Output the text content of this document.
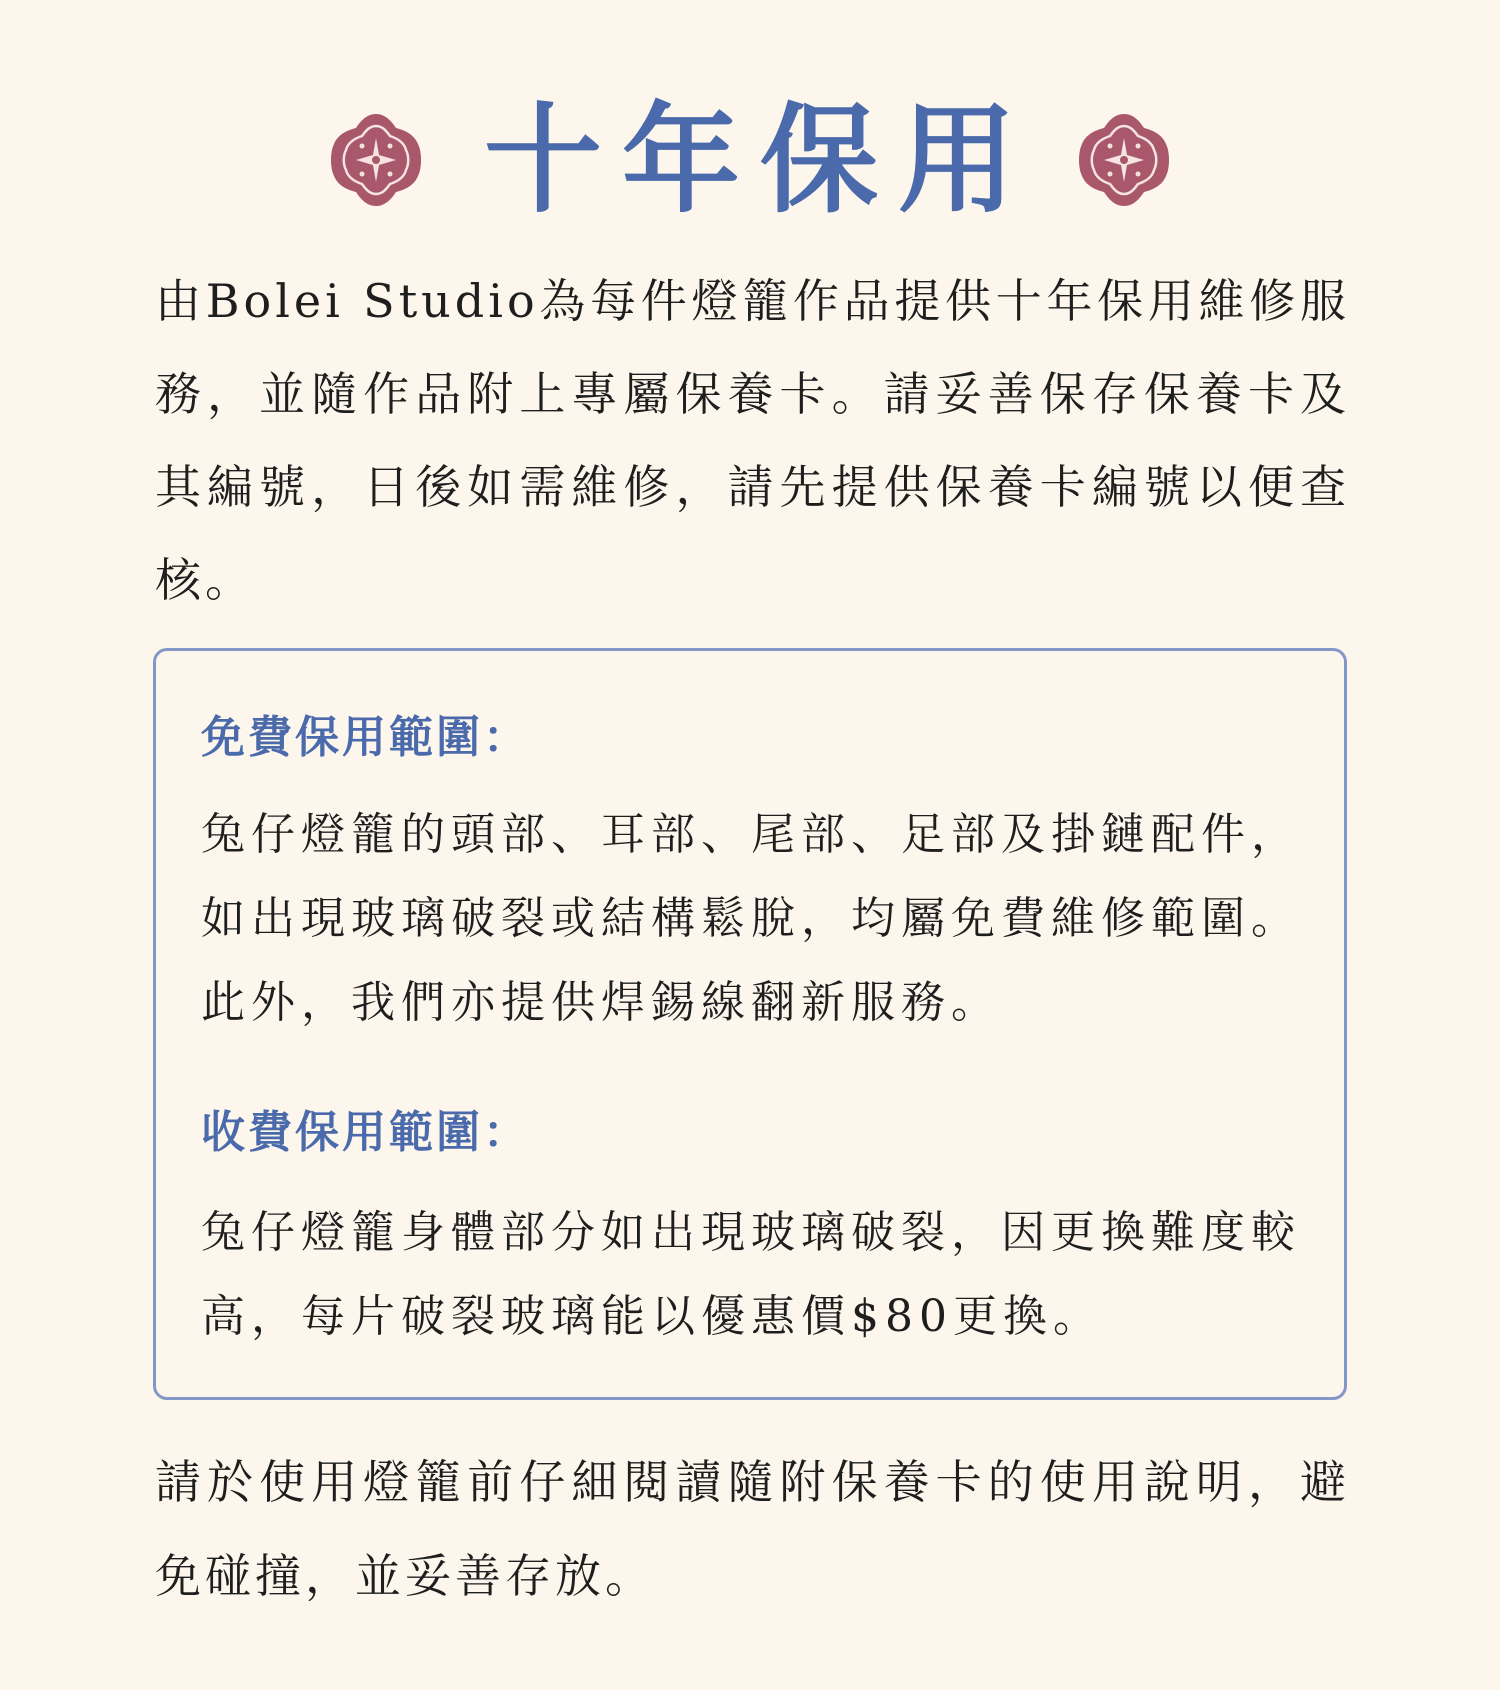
十年保用

由Bolei Studio為每件燈籠作品提供十年保用維修服務，並隨作品附上專屬保養卡。請妥善保存保養卡及其編號，日後如需維修，請先提供保養卡編號以便查核。

免費保用範圍：

兔仔燈籠的頭部、耳部、尾部、足部及掛鏈配件，如出現玻璃破裂或結構鬆脫，均屬免費維修範圍。此外，我們亦提供焊錫線翻新服務。

收費保用範圍：

兔仔燈籠身體部分如出現玻璃破裂，因更換難度較高，每片破裂玻璃能以優惠價$80更換。

請於使用燈籠前仔細閱讀隨附保養卡的使用說明，避免碰撞，並妥善存放。
